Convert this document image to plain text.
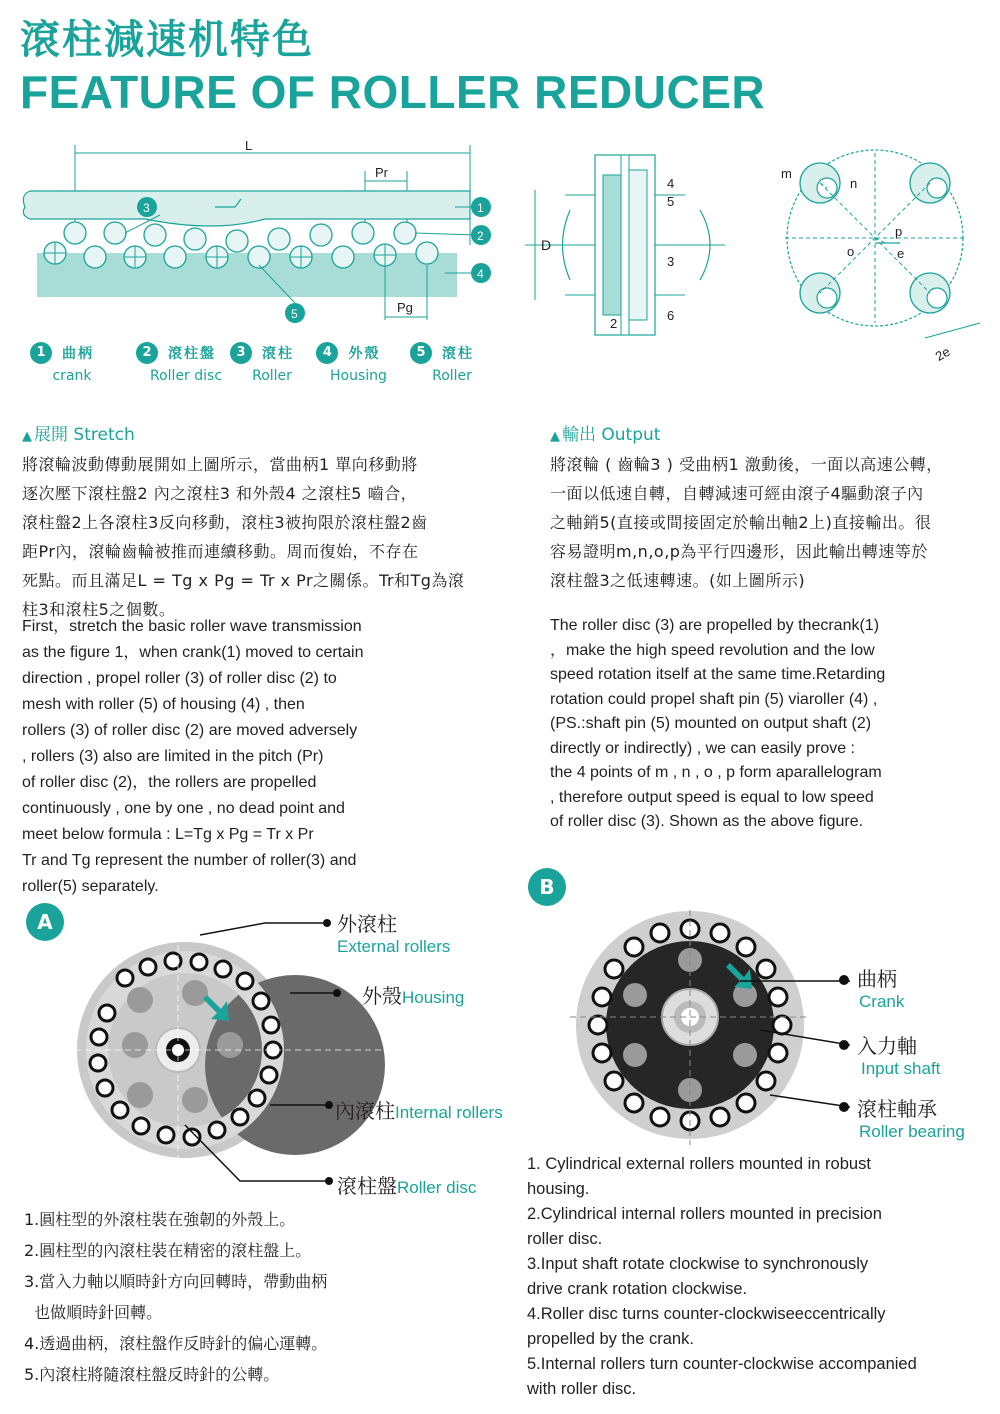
滾柱減速机特色
FEATURE OF ROLLER REDUCER
L
Pr
Pg
1
2
3
4
5
D
4
5
3
2
6
m
n
o
p
e
2e
1 曲柄
crank
2 滾柱盤
Roller disc
3 滾柱
Roller
4 外殼
Housing
5 滾柱
Roller
▲ 展開 Stretch
將滾輪波動傳動展開如上圖所示，當曲柄1 單向移動將
逐次壓下滾柱盤2 內之滾柱3 和外殼4 之滾柱5 嚙合，
滾柱盤2上各滾柱3反向移動，滾柱3被拘限於滾柱盤2齒
距Pr內，滾輪齒輪被推而連續移動。周而復始，不存在
死點。而且滿足L = Tg x Pg = Tr x Pr之關係。Tr和Tg為滾
柱3和滾柱5之個數。
First，stretch the basic roller wave transmission
as the figure 1，when crank(1) moved to certain
direction , propel roller (3) of roller disc (2) to
mesh with roller (5) of housing (4) , then
rollers (3) of roller disc (2) are moved adversely
, rollers (3) also are limited in the pitch (Pr)
of roller disc (2)，the rollers are propelled
continuously , one by one , no dead point and
meet below formula : L=Tg x Pg = Tr x Pr
Tr and Tg represent the number of roller(3) and
roller(5) separately.
▲ 輸出 Output
將滾輪 ( 齒輪3 ) 受曲柄1 激動後，一面以高速公轉，
一面以低速自轉，自轉減速可經由滾子4驅動滾子內
之軸銷5(直接或間接固定於輸出軸2上)直接輸出。很
容易證明m,n,o,p為平行四邊形，因此輸出轉速等於
滾柱盤3之低速轉速。(如上圖所示)
The roller disc (3) are propelled by thecrank(1)
，make the high speed revolution and the low
speed rotation itself at the same time.Retarding
rotation could propel shaft pin (5) viaroller (4) ,
(PS.:shaft pin (5) mounted on output shaft (2)
directly or indirectly) , we can easily prove :
the 4 points of m , n , o , p form aparallelogram
, therefore output speed is equal to low speed
of roller disc (3). Shown as the above figure.
A	外滾柱
External rollers
外殼Housing
內滾柱Internal rollers
滾柱盤Roller disc
1.圓柱型的外滾柱裝在強韌的外殼上。
2.圓柱型的內滾柱裝在精密的滾柱盤上。
3.當入力軸以順時針方向回轉時，帶動曲柄
也做順時針回轉。
4.透過曲柄，滾柱盤作反時針的偏心運轉。
5.內滾柱將隨滾柱盤反時針的公轉。
B
曲柄
Crank
入力軸
Input shaft
滾柱軸承
Roller bearing
1. Cylindrical external rollers mounted in robust
housing.
2.Cylindrical internal rollers mounted in precision
roller disc.
3.Input shaft rotate clockwise to synchronously
drive crank rotation clockwise.
4.Roller disc turns counter-clockwiseeccentrically
propelled by the crank.
5.Internal rollers turn counter-clockwise accompanied
with roller disc.
